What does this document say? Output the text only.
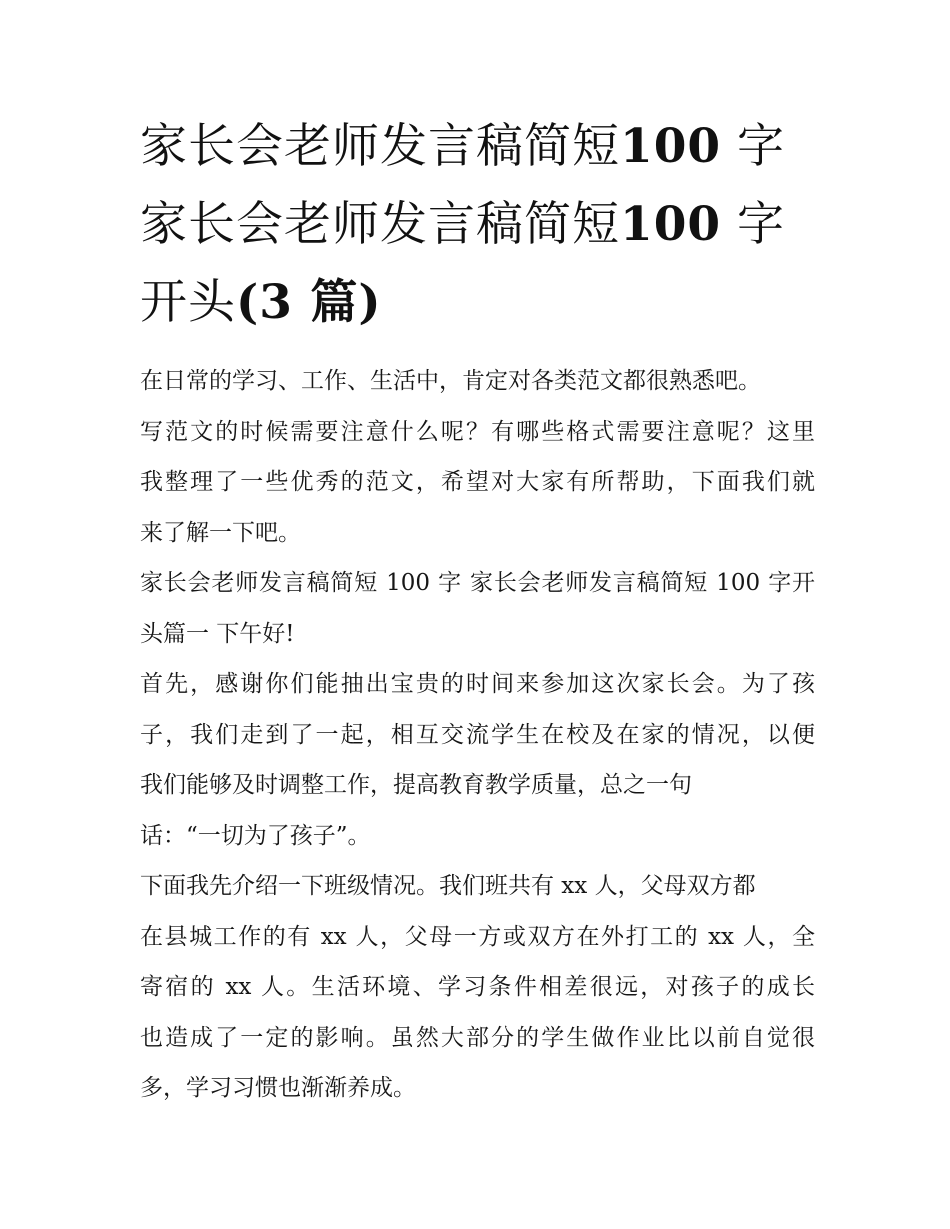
家长会老师发言稿简短100 字
家长会老师发言稿简短100 字
开头(3 篇)
在日常的学习、工作、生活中，肯定对各类范文都很熟悉吧。
写范文的时候需要注意什么呢？有哪些格式需要注意呢？这里
我整理了一些优秀的范文，希望对大家有所帮助，下面我们就
来了解一下吧。
家长会老师发言稿简短 100 字 家长会老师发言稿简短 100 字开
头篇一 下午好!
首先，感谢你们能抽出宝贵的时间来参加这次家长会。为了孩
子，我们走到了一起，相互交流学生在校及在家的情况，以便
我们能够及时调整工作，提高教育教学质量，总之一句
话：“一切为了孩子”。
下面我先介绍一下班级情况。我们班共有 xx 人，父母双方都
在县城工作的有 xx 人，父母一方或双方在外打工的 xx 人，全
寄宿的 xx 人。生活环境、学习条件相差很远，对孩子的成长
也造成了一定的影响。虽然大部分的学生做作业比以前自觉很
多，学习习惯也渐渐养成。
